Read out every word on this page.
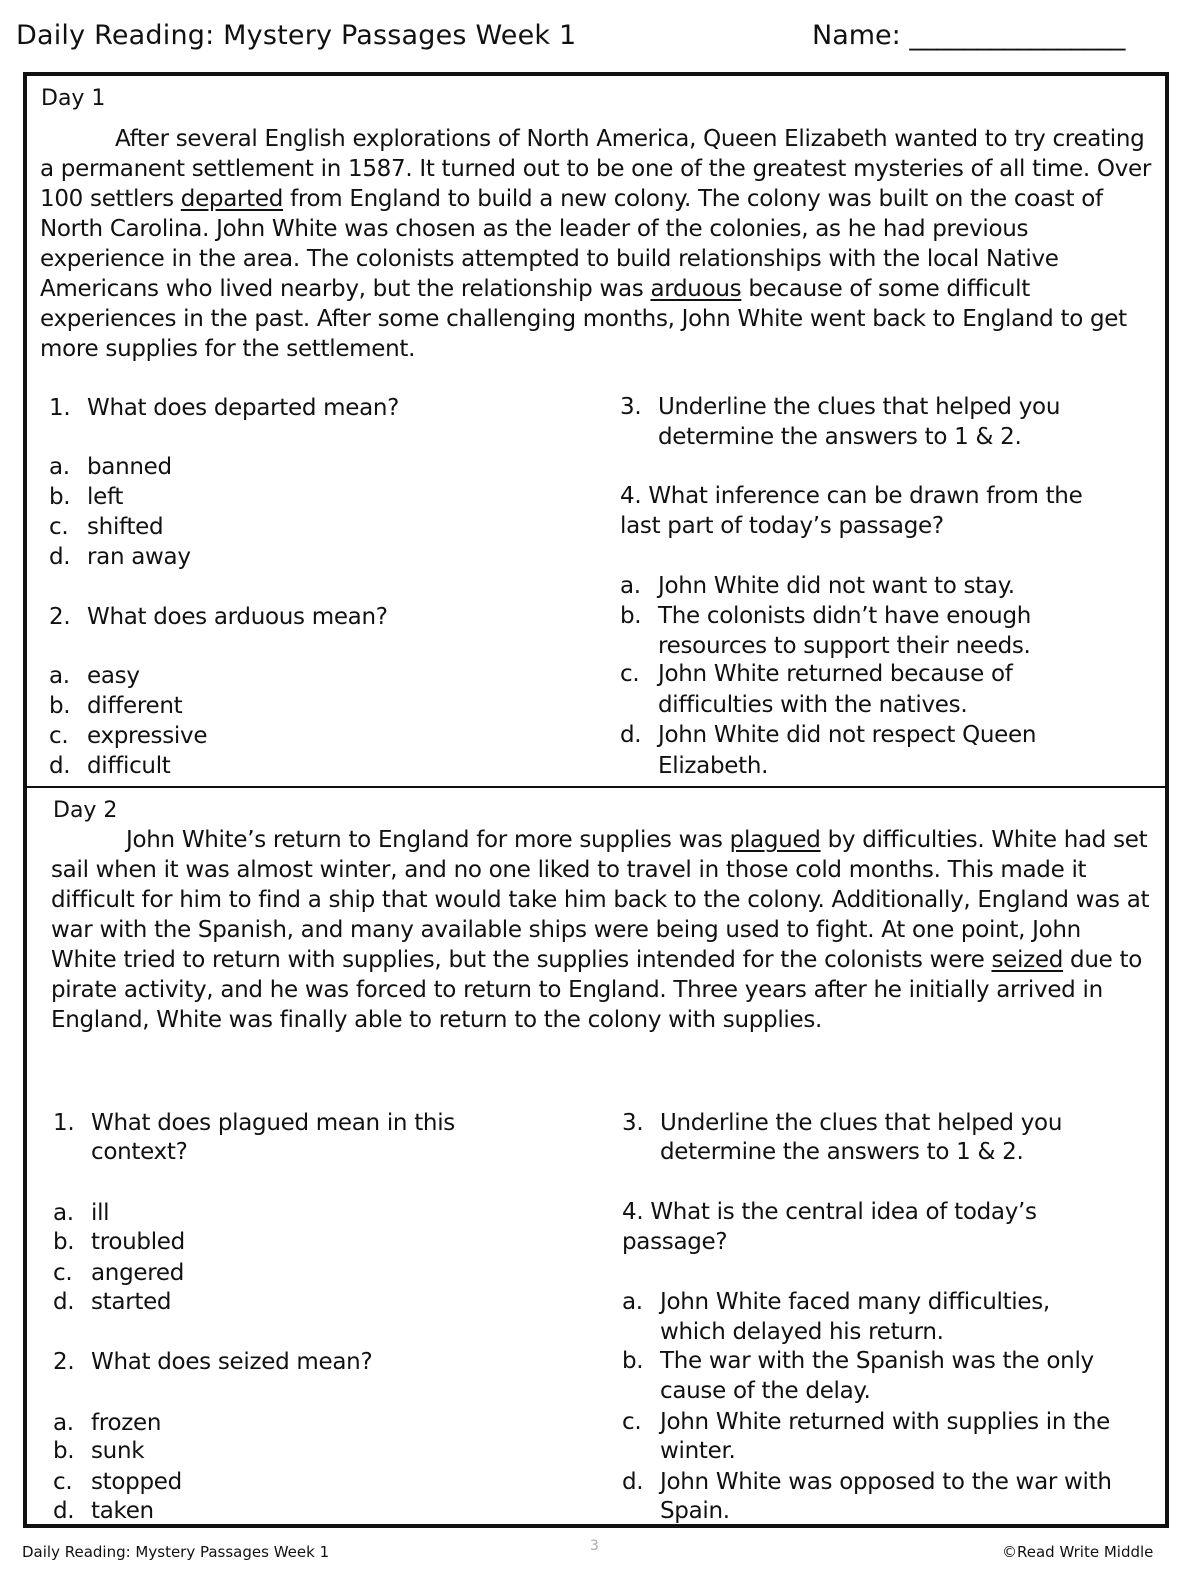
Daily Reading: Mystery Passages Week 1	Name: ________________
Day 1

After several English explorations of North America, Queen Elizabeth wanted to try creating a permanent settlement in 1587. It turned out to be one of the greatest mysteries of all time. Over 100 settlers departed from England to build a new colony. The colony was built on the coast of North Carolina. John White was chosen as the leader of the colonies, as he had previous experience in the area. The colonists attempted to build relationships with the local Native Americans who lived nearby, but the relationship was arduous because of some difficult experiences in the past. After some challenging months, John White went back to England to get more supplies for the settlement.

1. What does departed mean?
a. banned
b. left
c. shifted
d. ran away
2. What does arduous mean?
a. easy
b. different
c. expressive
d. difficult
3. Underline the clues that helped you
determine the answers to 1 & 2.
4. What inference can be drawn from the
last part of today’s passage?
a. John White did not want to stay.
b. The colonists didn’t have enough
resources to support their needs.
c. John White returned because of
difficulties with the natives.
d. John White did not respect Queen
Elizabeth.
Day 2

John White’s return to England for more supplies was plagued by difficulties. White had set sail when it was almost winter, and no one liked to travel in those cold months. This made it difficult for him to find a ship that would take him back to the colony. Additionally, England was at war with the Spanish, and many available ships were being used to fight. At one point, John White tried to return with supplies, but the supplies intended for the colonists were seized due to pirate activity, and he was forced to return to England. Three years after he initially arrived in England, White was finally able to return to the colony with supplies.

1. What does plagued mean in this
context?
a. ill
b. troubled
c. angered
d. started
2. What does seized mean?
a. frozen
b. sunk
c. stopped
d. taken
3. Underline the clues that helped you
determine the answers to 1 & 2.
4. What is the central idea of today’s
passage?
a. John White faced many difficulties,
which delayed his return.
b. The war with the Spanish was the only
cause of the delay.
c. John White returned with supplies in the
winter.
d. John White was opposed to the war with
Spain.
Daily Reading: Mystery Passages Week 1	3	©Read Write Middle
